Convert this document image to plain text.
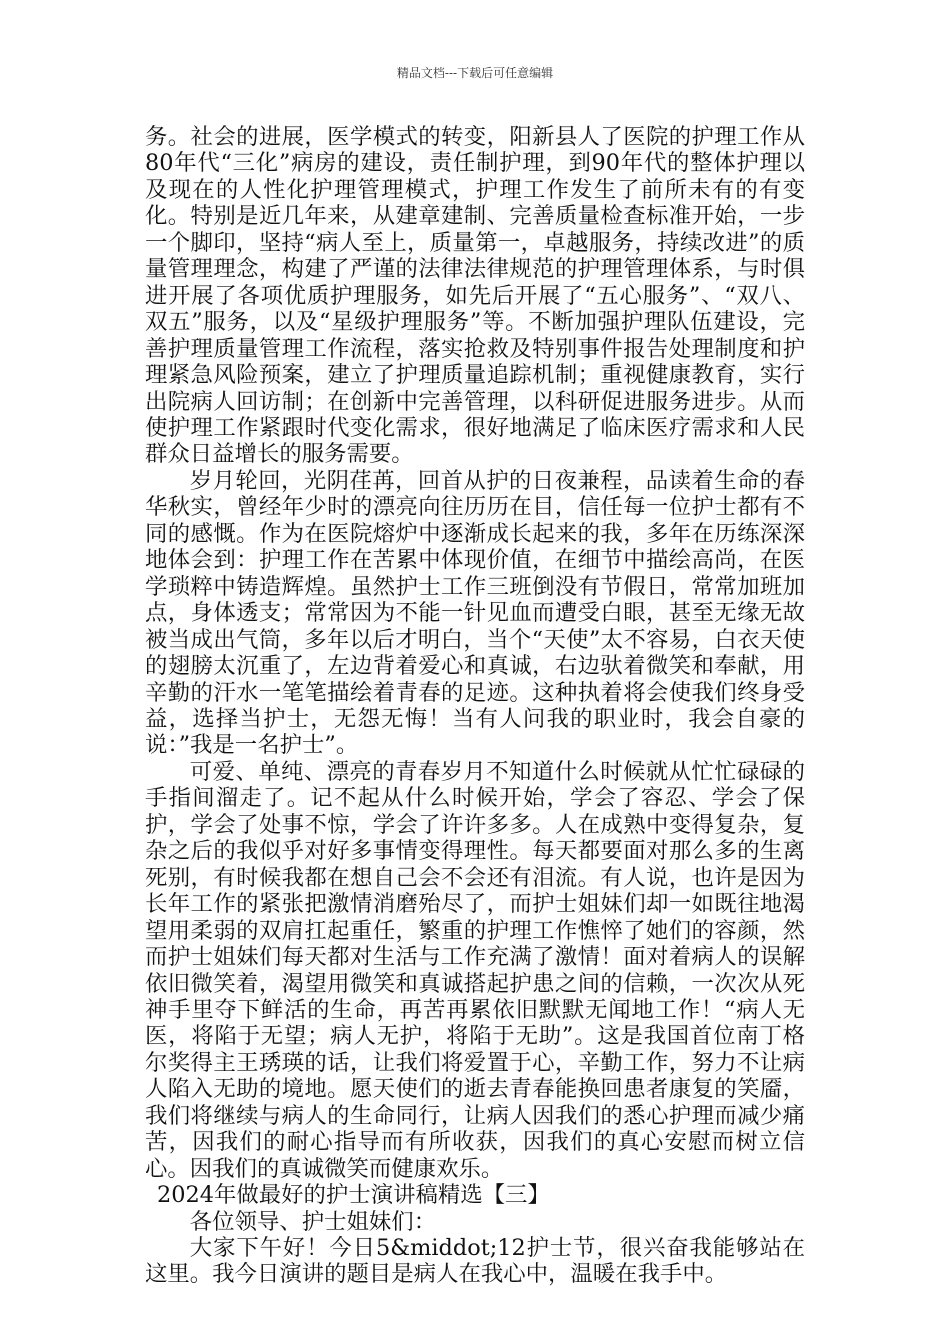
精品文档---下载后可任意编辑

务。社会的进展，医学模式的转变，阳新县人了医院的护理工作从80年代“三化”病房的建设，责任制护理，到90年代的整体护理以及现在的人性化护理管理模式，护理工作发生了前所未有的有变化。特别是近几年来，从建章建制、完善质量检查标准开始，一步一个脚印，坚持“病人至上，质量第一，卓越服务，持续改进”的质量管理理念，构建了严谨的法律法律规范的护理管理体系，与时俱进开展了各项优质护理服务，如先后开展了“五心服务”、“双八、双五”服务，以及“星级护理服务”等。不断加强护理队伍建设，完善护理质量管理工作流程，落实抢救及特别事件报告处理制度和护理紧急风险预案，建立了护理质量追踪机制；重视健康教育，实行出院病人回访制；在创新中完善管理，以科研促进服务进步。从而使护理工作紧跟时代变化需求，很好地满足了临床医疗需求和人民群众日益增长的服务需要。

岁月轮回，光阴荏苒，回首从护的日夜兼程，品读着生命的春华秋实，曾经年少时的漂亮向往历历在目，信任每一位护士都有不同的感慨。作为在医院熔炉中逐渐成长起来的我，多年在历练深深地体会到：护理工作在苦累中体现价值，在细节中描绘高尚，在医学琐粹中铸造辉煌。虽然护士工作三班倒没有节假日，常常加班加点，身体透支；常常因为不能一针见血而遭受白眼，甚至无缘无故被当成出气筒，多年以后才明白，当个“天使”太不容易，白衣天使的翅膀太沉重了，左边背着爱心和真诚，右边驮着微笑和奉献，用辛勤的汗水一笔笔描绘着青春的足迹。这种执着将会使我们终身受益，选择当护士，无怨无悔！当有人问我的职业时，我会自豪的说：”我是一名护士”。

可爱、单纯、漂亮的青春岁月不知道什么时候就从忙忙碌碌的手指间溜走了。记不起从什么时候开始，学会了容忍、学会了保护，学会了处事不惊，学会了许许多多。人在成熟中变得复杂，复杂之后的我似乎对好多事情变得理性。每天都要面对那么多的生离死别，有时候我都在想自己会不会还有泪流。有人说，也许是因为长年工作的紧张把激情消磨殆尽了，而护士姐妹们却一如既往地渴望用柔弱的双肩扛起重任，繁重的护理工作憔悴了她们的容颜，然而护士姐妹们每天都对生活与工作充满了激情！面对着病人的误解依旧微笑着，渴望用微笑和真诚搭起护患之间的信赖，一次次从死神手里夺下鲜活的生命，再苦再累依旧默默无闻地工作！“病人无医，将陷于无望；病人无护，将陷于无助”。这是我国首位南丁格尔奖得主王琇瑛的话，让我们将爱置于心，辛勤工作，努力不让病人陷入无助的境地。愿天使们的逝去青春能换回患者康复的笑靥，我们将继续与病人的生命同行，让病人因我们的悉心护理而减少痛苦，因我们的耐心指导而有所收获，因我们的真心安慰而树立信心。因我们的真诚微笑而健康欢乐。

2024年做最好的护士演讲稿精选【三】

各位领导、护士姐妹们：

大家下午好！今日5&middot;12护士节，很兴奋我能够站在这里。我今日演讲的题目是病人在我心中，温暖在我手中。
